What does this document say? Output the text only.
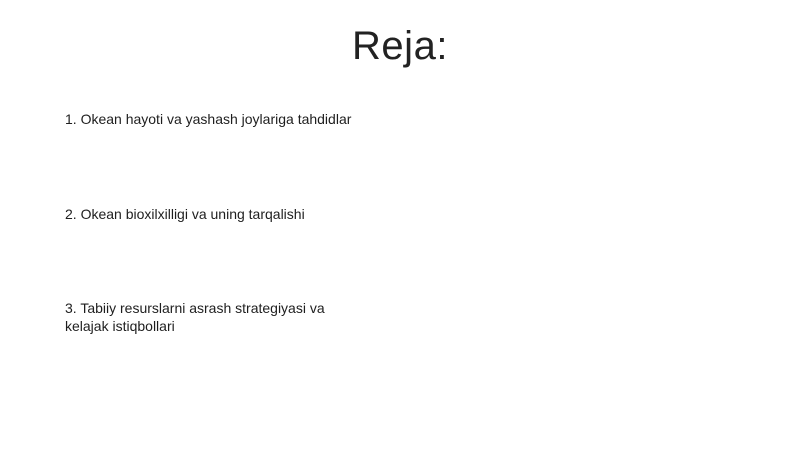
Reja:
1. Okean hayoti va yashash joylariga tahdidlar
2. Okean bioxilxilligi va uning tarqalishi
3. Tabiiy resurslarni asrash strategiyasi va kelajak istiqbollari
